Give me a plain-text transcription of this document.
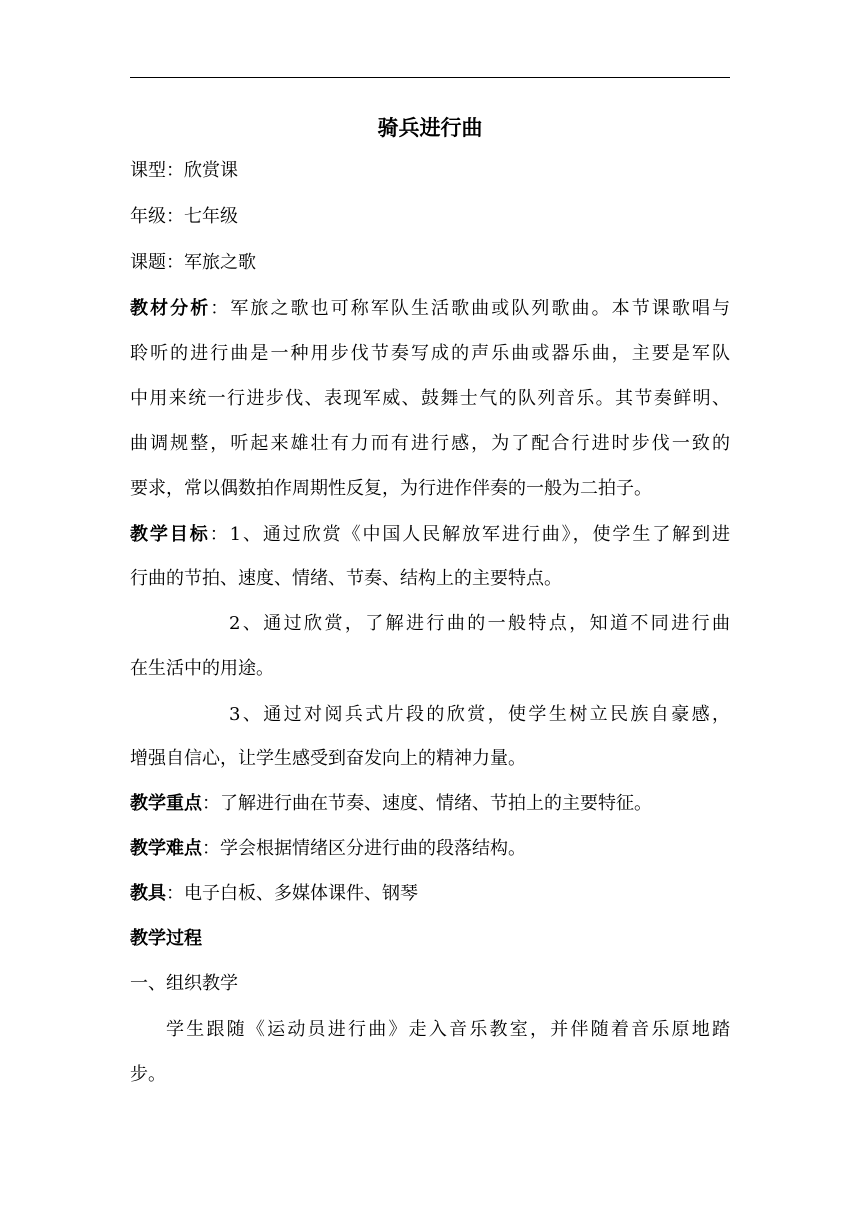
骑兵进行曲
课型：欣赏课
年级：七年级
课题：军旅之歌
教材分析：军旅之歌也可称军队生活歌曲或队列歌曲。本节课歌唱与
聆听的进行曲是一种用步伐节奏写成的声乐曲或器乐曲，主要是军队
中用来统一行进步伐、表现军威、鼓舞士气的队列音乐。其节奏鲜明、
曲调规整，听起来雄壮有力而有进行感，为了配合行进时步伐一致的
要求，常以偶数拍作周期性反复，为行进作伴奏的一般为二拍子。
教学目标：1、通过欣赏《中国人民解放军进行曲》，使学生了解到进
行曲的节拍、速度、情绪、节奏、结构上的主要特点。
2、通过欣赏，了解进行曲的一般特点，知道不同进行曲
在生活中的用途。
3、通过对阅兵式片段的欣赏，使学生树立民族自豪感，
增强自信心，让学生感受到奋发向上的精神力量。
教学重点：了解进行曲在节奏、速度、情绪、节拍上的主要特征。
教学难点：学会根据情绪区分进行曲的段落结构。
教具：电子白板、多媒体课件、钢琴
教学过程
一、组织教学
学生跟随《运动员进行曲》走入音乐教室，并伴随着音乐原地踏
步。
